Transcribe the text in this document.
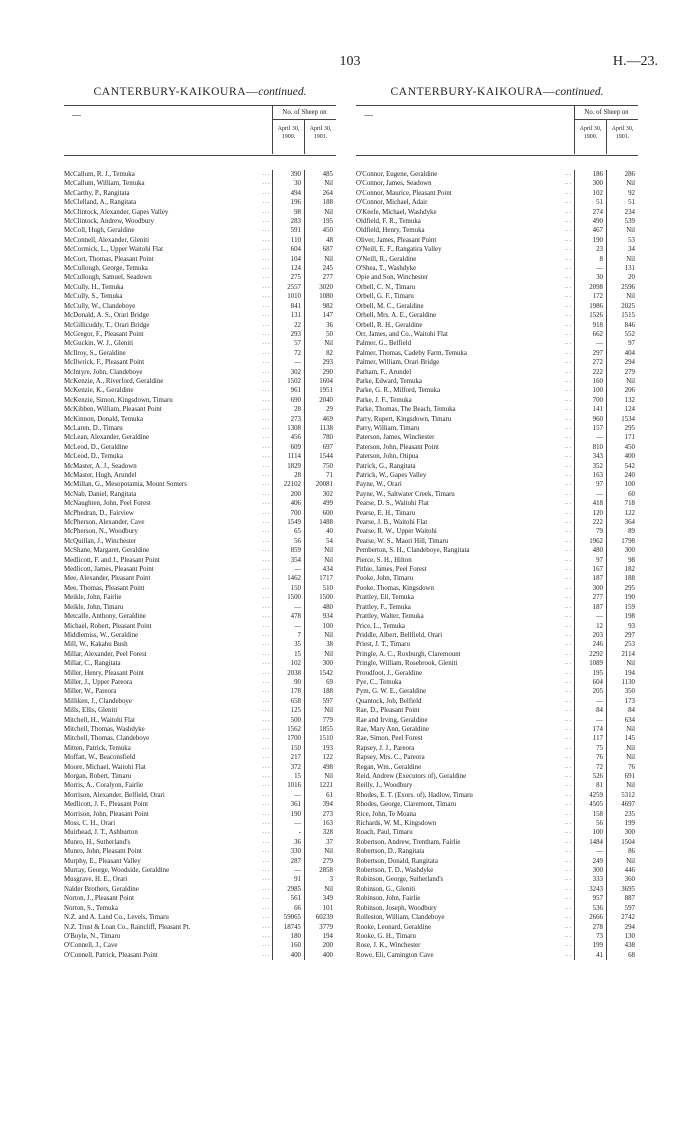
103	H.—23.
CANTERBURY-KAIKOURA—continued.
—	No. of Sheep on
April 30,
1900.
April 30,
1901.
McCallum, R. J., Temuka	...	390	485
McCallum, William, Temuka	...	30	Nil
McCarthy, P., Rangitata	...	494	264
McClelland, A., Rangitata	...	196	188
McClintock, Alexander, Gapes Valley	...	98	Nil
McClintock, Andrew, Woodbury	...	283	195
McColl, Hugh, Geraldine	...	591	450
McConnell, Alexander, Gleniti	...	110	48
McCormick, L., Upper Waitohi Flat	...	604	687
McCort, Thomas, Pleasant Point	...	104	Nil
McCullough, George, Temuka	...	124	245
McCullough, Samuel, Seadown	...	275	277
McCully, H., Temuka	...	2557	3020
McCully, S., Temuka	...	1010	1080
McCully, W., Clandeboye	...	841	982
McDonald, A. S., Orari Bridge	...	131	147
McGillicuddy, T., Orari Bridge	...	22	36
McGregor, F., Pleasant Point	...	293	50
McGuckin, W. J., Gleniti	...	57	Nil
McIlroy, S., Geraldine	...	72	82
McIlwrick, F., Pleasant Point	...	—	293
McIntyre, John, Clandeboye	...	302	290
McKenzie, A., Riverford, Geraldine	...	1502	1604
McKenzie, K., Geraldine	...	961	1951
McKenzie, Simon, Kingsdown, Timaru	...	690	2040
McKibben, William, Pleasant Point	...	28	29
McKinnon, Donald, Temuka	...	273	469
McLaren, D., Timaru	...	1308	1138
McLean, Alexander, Geraldine	...	456	780
McLeod, D., Geraldine	...	609	697
McLeod, D., Temuka	...	1114	1544
McMaster, A. J., Seadown	...	1829	750
McMaster, Hugh, Arundel	...	28	71
McMillan, G., Mesopotamia, Mount Somers	...	22102	20081
McNab, Daniel, Rangitata	...	200	302
McNaughten, John, Peel Forest	...	406	499
McPhedran, D., Fairview	...	700	600
McPherson, Alexander, Cave	...	1549	1488
McPherson, N., Woodbury	...	65	40
McQuillan, J., Winchester	...	56	54
McShane, Margaret, Geraldine	...	859	Nil
Medlicott, F. and J., Pleasant Point	...	354	Nil
Medlicott, James, Pleasant Point	...	—	434
Mee, Alexander, Pleasant Point	...	1462	1717
Mee, Thomas, Pleasant Point	...	150	510
Meikle, John, Fairlie	...	1500	1500
Meikle, John, Timaru	...	—	480
Metcalfe, Anthony, Geraldine	...	478	934
Michael, Robert, Pleasant Point	...	—	100
Middlemiss, W., Geraldine	...	7	Nil
Mill, W., Kakahu Bush	...	35	38
Millar, Alexander, Peel Forest	...	15	Nil
Millar, C., Rangitata	...	102	300
Miller, Henry, Pleasant Point	...	2038	1542
Miller, J., Upper Pareora	...	90	69
Miller, W., Pareora	...	178	188
Milliken, J., Clandeboye	...	658	597
Mills, Ellis, Gleniti	...	125	Nil
Mitchell, H., Waitohi Flat	...	500	779
Mitchell, Thomas, Washdyke	...	1562	1855
Mitchell, Thomas, Clandeboye	...	1700	1510
Mitten, Patrick, Temuka	...	150	193
Moffatt, W., Beaconsfield	...	217	122
Moore, Michael, Waitohi Flat	...	372	498
Morgan, Robert, Timaru	...	15	Nil
Morris, A., Coralyon, Fairlie	...	1016	1221
Morrison, Alexander, Belfield, Orari	...	—	61
Medlicott, J. F., Pleasant Point	...	361	394
Morrison, John, Pleasant Point	...	190	273
Moss, C. H., Orari	...	—	163
Muirhead, J. T., Ashburton	...	-	328
Munro, H., Sutherland's	...	36	37
Munro, John, Pleasant Point	...	330	Nil
Murphy, E., Pleasant Valley	...	287	279
Murray, George, Woodside, Geraldine	...	—	2858
Musgrave, H. E., Orari	...	91	3
Nalder Brothers, Geraldine	...	2985	Nil
Norton, J., Pleasant Point	...	561	349
Norton, S., Temuka	...	66	101
N.Z. and A. Land Co., Levels, Timaru	...	59065	60239
N.Z. Trust & Loan Co., Raincliff, Pleasant Pt.	...	18745	3779
O'Boyle, N., Timaru	...	180	194
O'Connell, J., Cave	...	160	200
O'Connell, Patrick, Pleasant Point	...	400	400
CANTERBURY-KAIKOURA—continued.
—	No. of Sheep on
April 30,
1900.
April 30,
1901.
O'Connor, Eugene, Geraldine	...	186	286
O'Connor, James, Seadown	...	300	Nil
O'Connor, Maurice, Pleasant Point	...	102	92
O'Connor, Michael, Adair	...	51	51
O'Keefe, Michael, Washdyke	...	274	234
Oldfield, F. R., Temuka	...	490	539
Oldfield, Henry, Temuka	...	467	Nil
Oliver, James, Pleasant Point	...	190	53
O'Neill, E. F., Rangatira Valley	...	23	34
O'Neill, R., Geraldine	...	8	Nil
O'Shea, T., Washdyke	...	—	131
Opie and Son, Winchester	...	30	20
Orbell, C. N., Timaru	...	2098	2596
Orbell, G. F., Timaru	...	172	Nil
Orbell, M. C., Geraldine	...	1986	2025
Orbell, Mrs. A. E., Geraldine	...	1526	1515
Orbell, R. H., Geraldine	...	918	846
Orr, James, and Co., Waitohi Flat	...	662	552
Palmer, G., Belfield	...	—	97
Palmer, Thomas, Cadeby Farm, Temuka	...	297	404
Palmer, William, Orari Bridge	...	272	294
Parham, F., Arundel	...	222	279
Parke, Edward, Temuka	...	160	Nil
Parke, G. R., Milford, Temuka	...	100	206
Parke, J. F., Temuka	...	700	132
Parke, Thomas, The Beach, Temuka	...	141	124
Parry, Rupert, Kingsdown, Timaru	...	960	1534
Parry, William, Timaru	...	157	295
Paterson, James, Winchester	...	—	171
Paterson, John, Pleasant Point	...	810	450
Paterson, John, Otipua	...	343	400
Patrick, G., Rangitata	...	352	542
Patrick, W., Gapes Valley	...	163	240
Payne, W., Orari	...	97	100
Payne, W., Saltwater Creek, Timaru	...	—	60
Pearse, D. S., Waitohi Flat	...	418	718
Pearse, E. H., Timaru	...	120	122
Pearse, J. B., Waitohi Flat	...	222	364
Pearse, R. W., Upper Waitohi	...	79	89
Pearse, W. S., Maori Hill, Timaru	...	1962	1798
Pemberton, S. H., Clandeboye, Rangitata	...	480	300
Pierce, S. H., Hilton	...	97	98
Pithie, James, Peel Forest	...	167	182
Pooke, John, Timaru	...	187	188
Pooke, Thomas, Kingsdown	...	300	295
Prattley, Eli, Temuka	...	277	190
Prattley, F., Temuka	...	187	159
Prattley, Walter, Temuka	...	—	198
Price, L., Temuka	...	12	93
Priddle, Albert, Bellfield, Orari	...	203	297
Priest, J. T., Timaru	...	246	253
Pringle, A. C., Roxburgh, Claremount	...	2292	2114
Pringle, William, Rosebrook, Gleniti	...	1089	Nil
Proudfoot, J., Geraldine	...	195	194
Pye, C., Temuka	...	604	1130
Pym, G. W. E., Geraldine	...	205	350
Quantock, Job, Belfield	...	—	173
Rae, D., Pleasant Point	...	84	84
Rae and Irving, Geraldine	...	—	634
Rae, Mary Ann, Geraldine	...	174	Nil
Rae, Simon, Peel Forest	...	117	145
Rapsey, J. J., Pareora	...	75	Nil
Rapsey, Mrs. C., Pareora	...	76	Nil
Regan, Wm., Geraldine	...	72	76
Reid, Andrew (Executors of), Geraldine	...	526	691
Reilly, J., Woodbury	...	81	Nil
Rhodes, E. T. (Exors. of), Hadlow, Timaru	...	4259	5312
Rhodes, George, Claremont, Timaru	...	4505	4697
Rice, John, Te Moana	...	158	235
Richards, W. M., Kingsdown	...	56	199
Roach, Paul, Timaru	...	100	300
Robertson, Andrew, Trentham, Fairlie	...	1484	1504
Robertson, D., Rangitata	...	—	86
Robertson, Donald, Rangitata	...	249	Nil
Robertson, T. D., Washdyke	...	300	446
Robinson, George, Sutherland's	...	333	360
Robinson, G., Gleniti	...	3243	3695
Robinson, John, Fairlie	...	957	887
Robinson, Joseph, Woodbury	...	536	597
Rolleston, William, Clandeboye	...	2666	2742
Rooke, Leonard, Geraldine	...	278	294
Rooke, G. H., Timaru	...	73	130
Rose, J. K., Winchester	...	199	438
Rowe, Eli, Camington Cave	...	41	68
